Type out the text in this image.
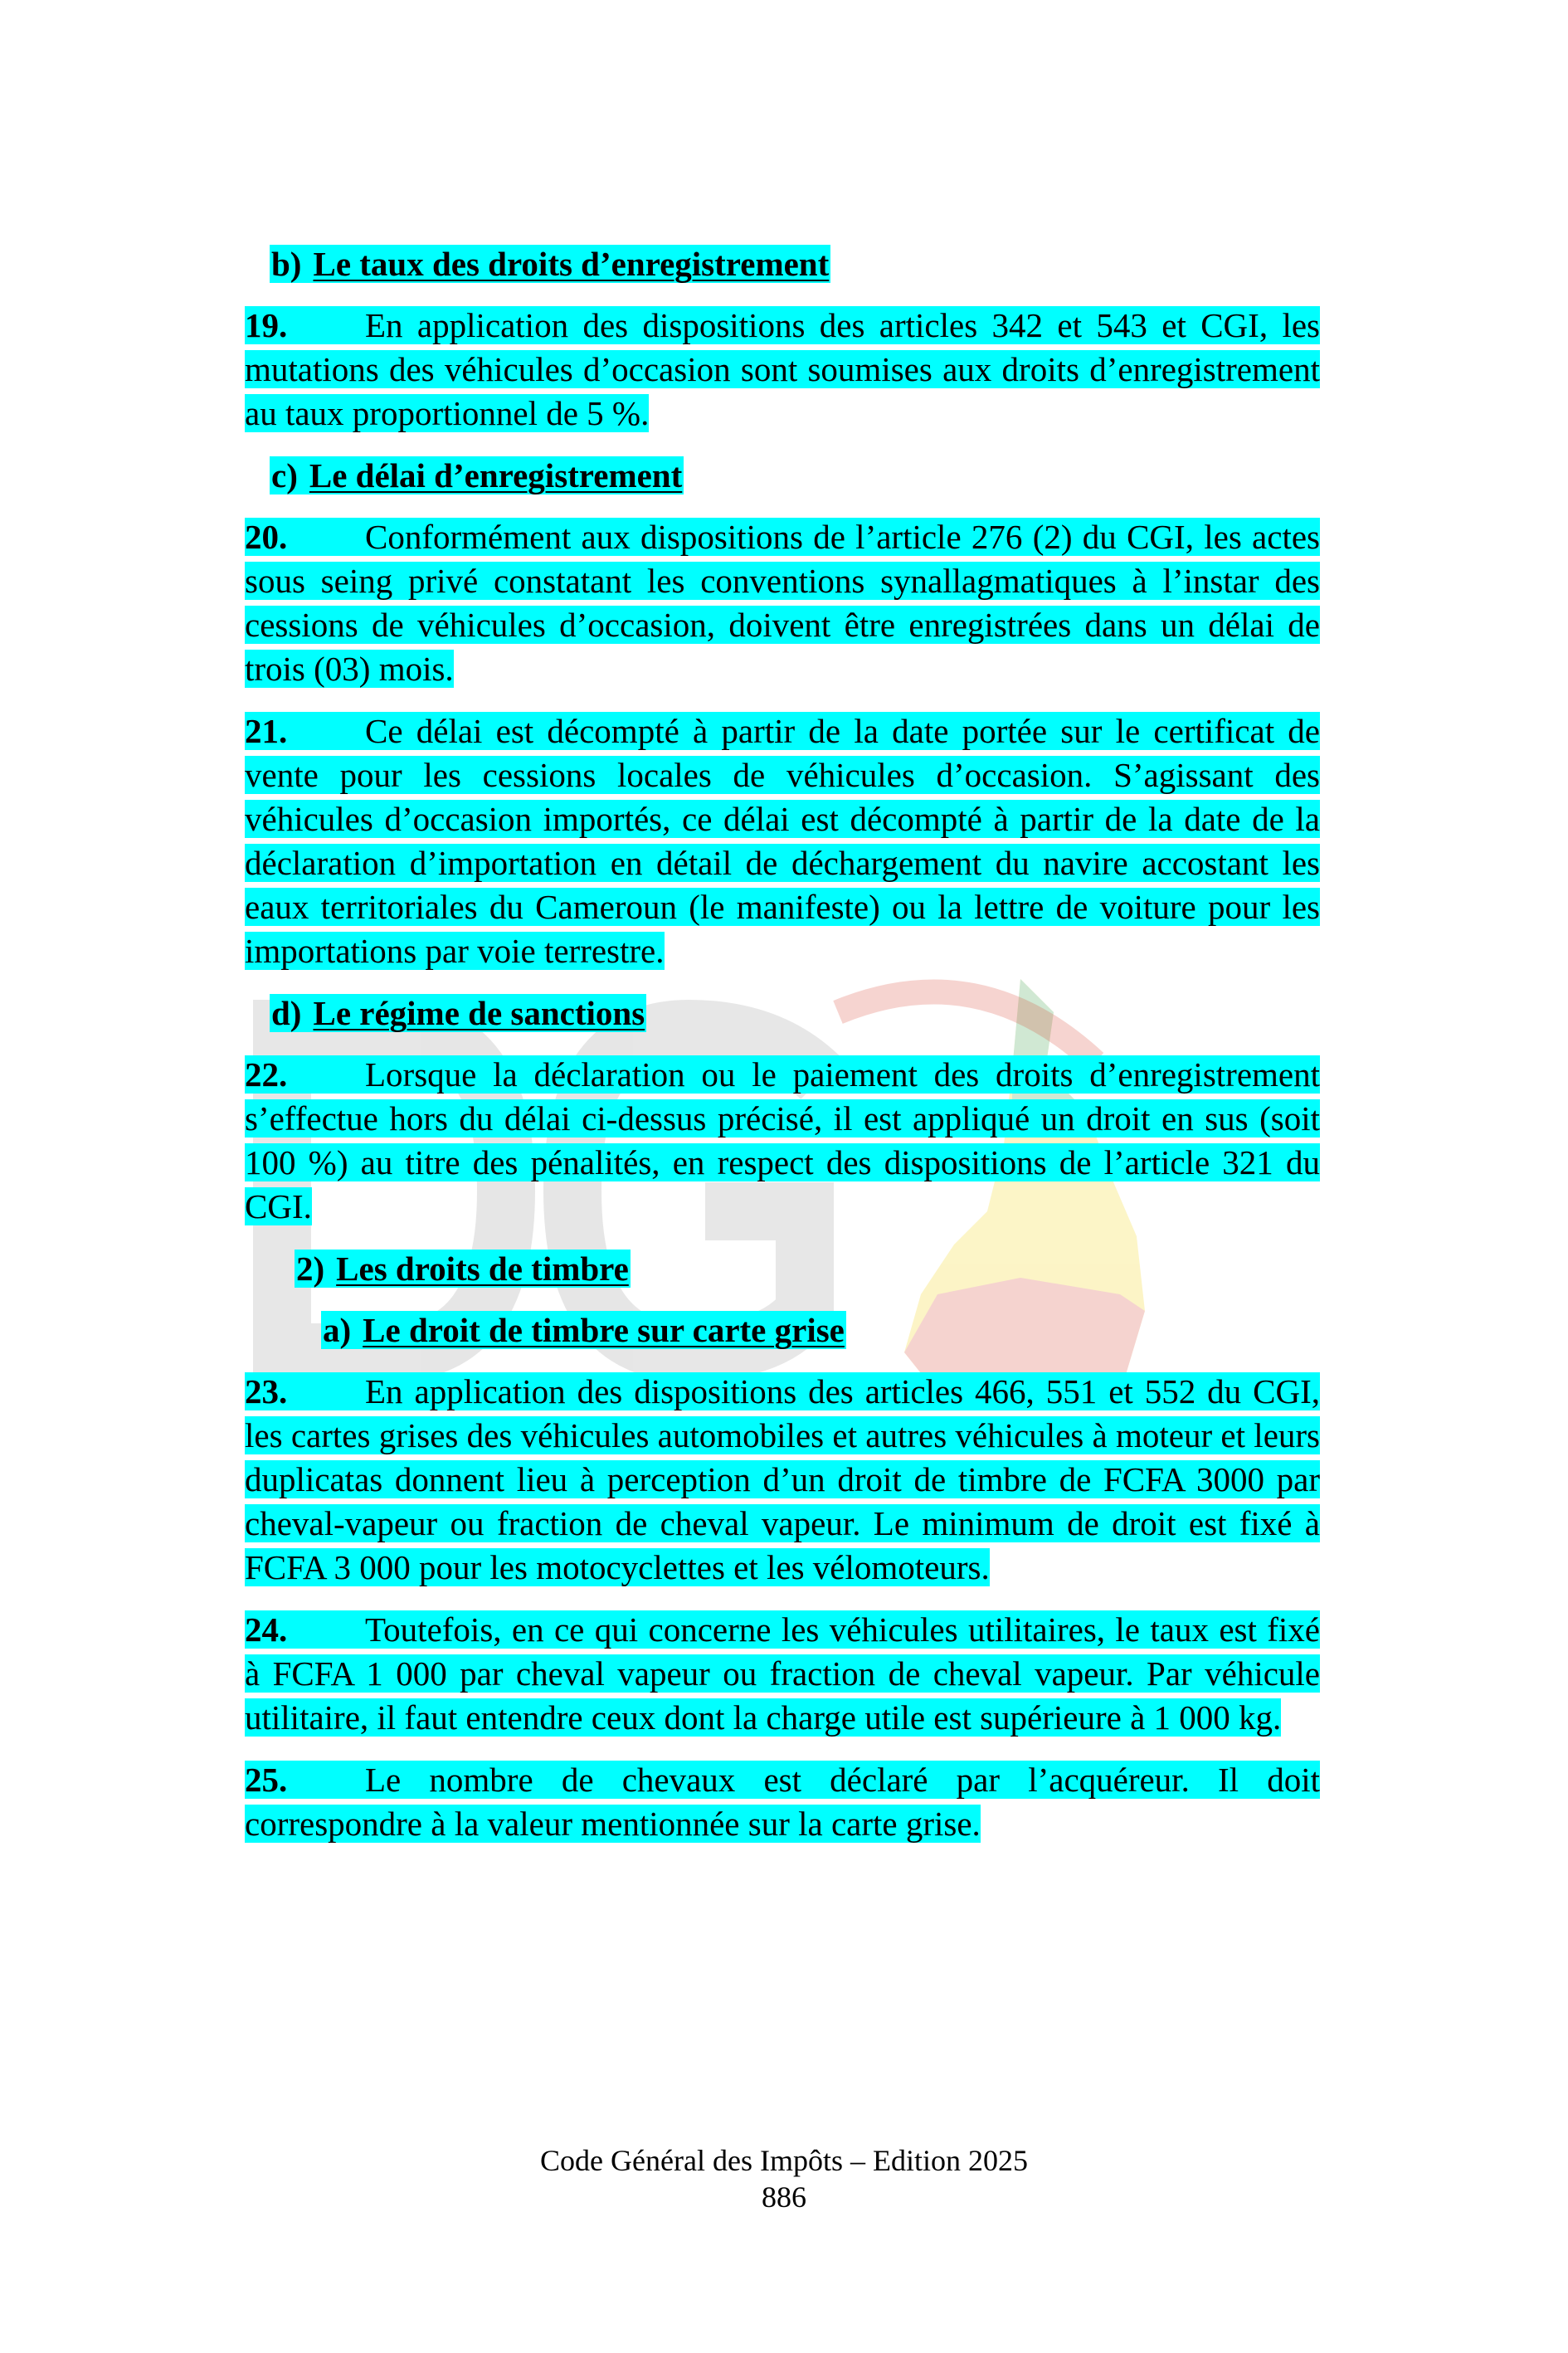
b) Le taux des droits d’enregistrement
19. En application des dispositions des articles 342 et 543 et CGI, les mutations des véhicules d’occasion sont soumises aux droits d’enregistrement au taux proportionnel de 5 %.
c) Le délai d’enregistrement
20. Conformément aux dispositions de l’article 276 (2) du CGI, les actes sous seing privé constatant les conventions synallagmatiques à l’instar des cessions de véhicules d’occasion, doivent être enregistrées dans un délai de trois (03) mois.
21. Ce délai est décompté à partir de la date portée sur le certificat de vente pour les cessions locales de véhicules d’occasion. S’agissant des véhicules d’occasion importés, ce délai est décompté à partir de la date de la déclaration d’importation en détail de déchargement du navire accostant les eaux territoriales du Cameroun (le manifeste) ou la lettre de voiture pour les importations par voie terrestre.
d) Le régime de sanctions
22. Lorsque la déclaration ou le paiement des droits d’enregistrement s’effectue hors du délai ci-dessus précisé, il est appliqué un droit en sus (soit 100 %) au titre des pénalités, en respect des dispositions de l’article 321 du CGI.
2) Les droits de timbre
a) Le droit de timbre sur carte grise
23. En application des dispositions des articles 466, 551 et 552 du CGI, les cartes grises des véhicules automobiles et autres véhicules à moteur et leurs duplicatas donnent lieu à perception d’un droit de timbre de FCFA 3000 par cheval-vapeur ou fraction de cheval vapeur. Le minimum de droit est fixé à FCFA 3 000 pour les motocyclettes et les vélomoteurs.
24. Toutefois, en ce qui concerne les véhicules utilitaires, le taux est fixé à FCFA 1 000 par cheval vapeur ou fraction de cheval vapeur. Par véhicule utilitaire, il faut entendre ceux dont la charge utile est supérieure à 1 000 kg.
25. Le nombre de chevaux est déclaré par l’acquéreur. Il doit correspondre à la valeur mentionnée sur la carte grise.
Code Général des Impôts – Edition 2025
886
